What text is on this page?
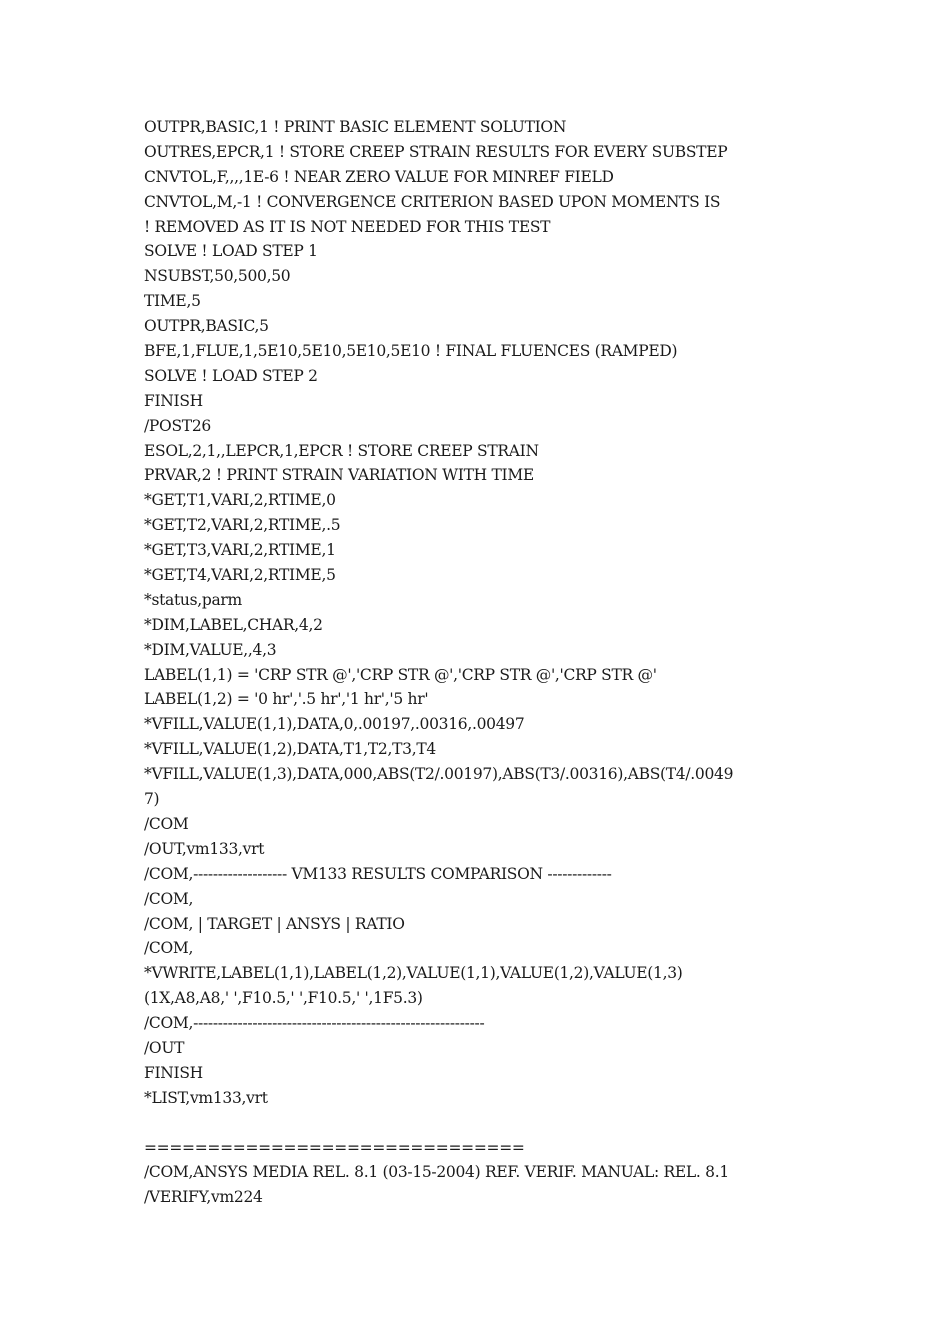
OUTPR,BASIC,1 ! PRINT BASIC ELEMENT SOLUTION
OUTRES,EPCR,1 ! STORE CREEP STRAIN RESULTS FOR EVERY SUBSTEP
CNVTOL,F,,,,1E-6 ! NEAR ZERO VALUE FOR MINREF FIELD
CNVTOL,M,-1 ! CONVERGENCE CRITERION BASED UPON MOMENTS IS
! REMOVED AS IT IS NOT NEEDED FOR THIS TEST
SOLVE ! LOAD STEP 1
NSUBST,50,500,50
TIME,5
OUTPR,BASIC,5
BFE,1,FLUE,1,5E10,5E10,5E10,5E10 ! FINAL FLUENCES (RAMPED)
SOLVE ! LOAD STEP 2
FINISH
/POST26
ESOL,2,1,,LEPCR,1,EPCR ! STORE CREEP STRAIN
PRVAR,2 ! PRINT STRAIN VARIATION WITH TIME
*GET,T1,VARI,2,RTIME,0
*GET,T2,VARI,2,RTIME,.5
*GET,T3,VARI,2,RTIME,1
*GET,T4,VARI,2,RTIME,5
*status,parm
*DIM,LABEL,CHAR,4,2
*DIM,VALUE,,4,3
LABEL(1,1) = 'CRP STR @','CRP STR @','CRP STR @','CRP STR @'
LABEL(1,2) = '0 hr','.5 hr','1 hr','5 hr'
*VFILL,VALUE(1,1),DATA,0,.00197,.00316,.00497
*VFILL,VALUE(1,2),DATA,T1,T2,T3,T4
*VFILL,VALUE(1,3),DATA,000,ABS(T2/.00197),ABS(T3/.00316),ABS(T4/.0049
7)
/COM
/OUT,vm133,vrt
/COM,------------------- VM133 RESULTS COMPARISON -------------
/COM,
/COM, | TARGET | ANSYS | RATIO
/COM,
*VWRITE,LABEL(1,1),LABEL(1,2),VALUE(1,1),VALUE(1,2),VALUE(1,3)
(1X,A8,A8,' ',F10.5,' ',F10.5,' ',1F5.3)
/COM,-----------------------------------------------------------
/OUT
FINISH
*LIST,vm133,vrt
==============================
/COM,ANSYS MEDIA REL. 8.1 (03-15-2004) REF. VERIF. MANUAL: REL. 8.1
/VERIFY,vm224
